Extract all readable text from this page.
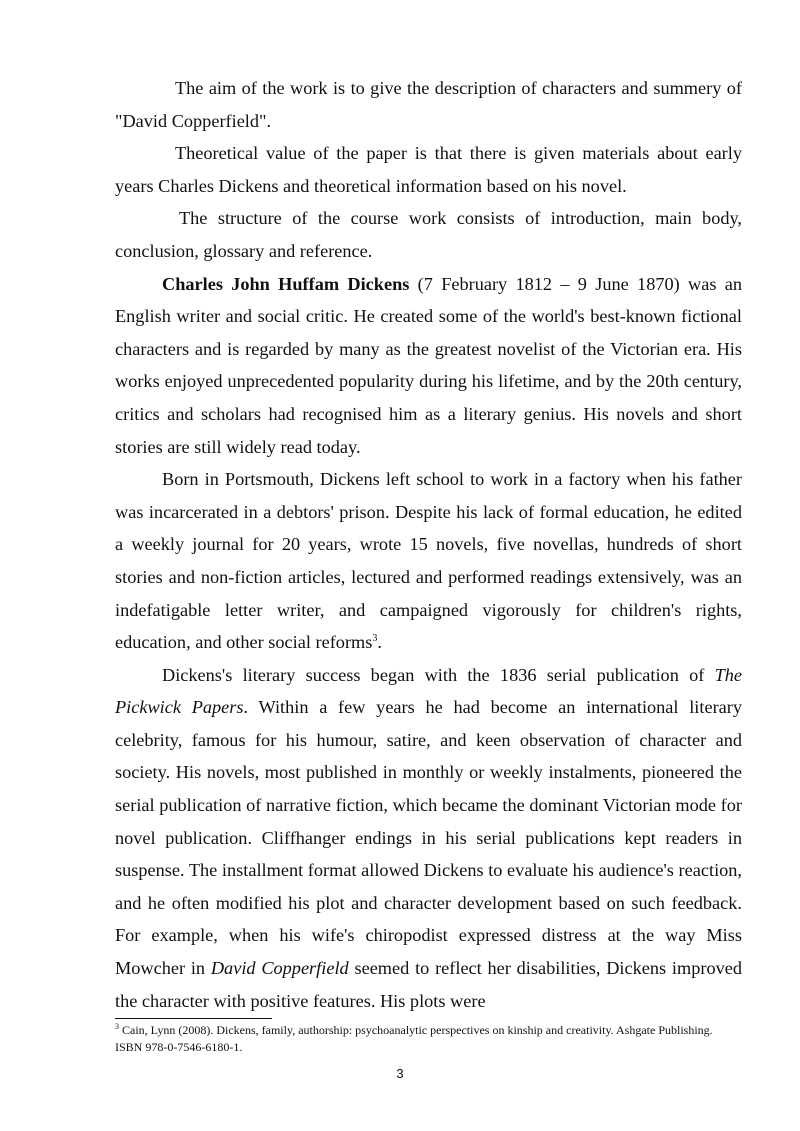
The aim of the work is to give the description of characters and summery of "David Copperfield".

Theoretical value of the paper is that there is given materials about early years Charles Dickens and theoretical information based on his novel.

The structure of the course work consists of introduction, main body, conclusion, glossary and reference.

Charles John Huffam Dickens (7 February 1812 – 9 June 1870) was an English writer and social critic. He created some of the world's best-known fictional characters and is regarded by many as the greatest novelist of the Victorian era. His works enjoyed unprecedented popularity during his lifetime, and by the 20th century, critics and scholars had recognised him as a literary genius. His novels and short stories are still widely read today.

Born in Portsmouth, Dickens left school to work in a factory when his father was incarcerated in a debtors' prison. Despite his lack of formal education, he edited a weekly journal for 20 years, wrote 15 novels, five novellas, hundreds of short stories and non-fiction articles, lectured and performed readings extensively, was an indefatigable letter writer, and campaigned vigorously for children's rights, education, and other social reforms$^3$.

Dickens's literary success began with the 1836 serial publication of The Pickwick Papers. Within a few years he had become an international literary celebrity, famous for his humour, satire, and keen observation of character and society. His novels, most published in monthly or weekly instalments, pioneered the serial publication of narrative fiction, which became the dominant Victorian mode for novel publication. Cliffhanger endings in his serial publications kept readers in suspense. The installment format allowed Dickens to evaluate his audience's reaction, and he often modified his plot and character development based on such feedback. For example, when his wife's chiropodist expressed distress at the way Miss Mowcher in David Copperfield seemed to reflect her disabilities, Dickens improved the character with positive features. His plots were

$^3$ Cain, Lynn (2008). Dickens, family, authorship: psychoanalytic perspectives on kinship and creativity. Ashgate Publishing. ISBN 978-0-7546-6180-1.
3
